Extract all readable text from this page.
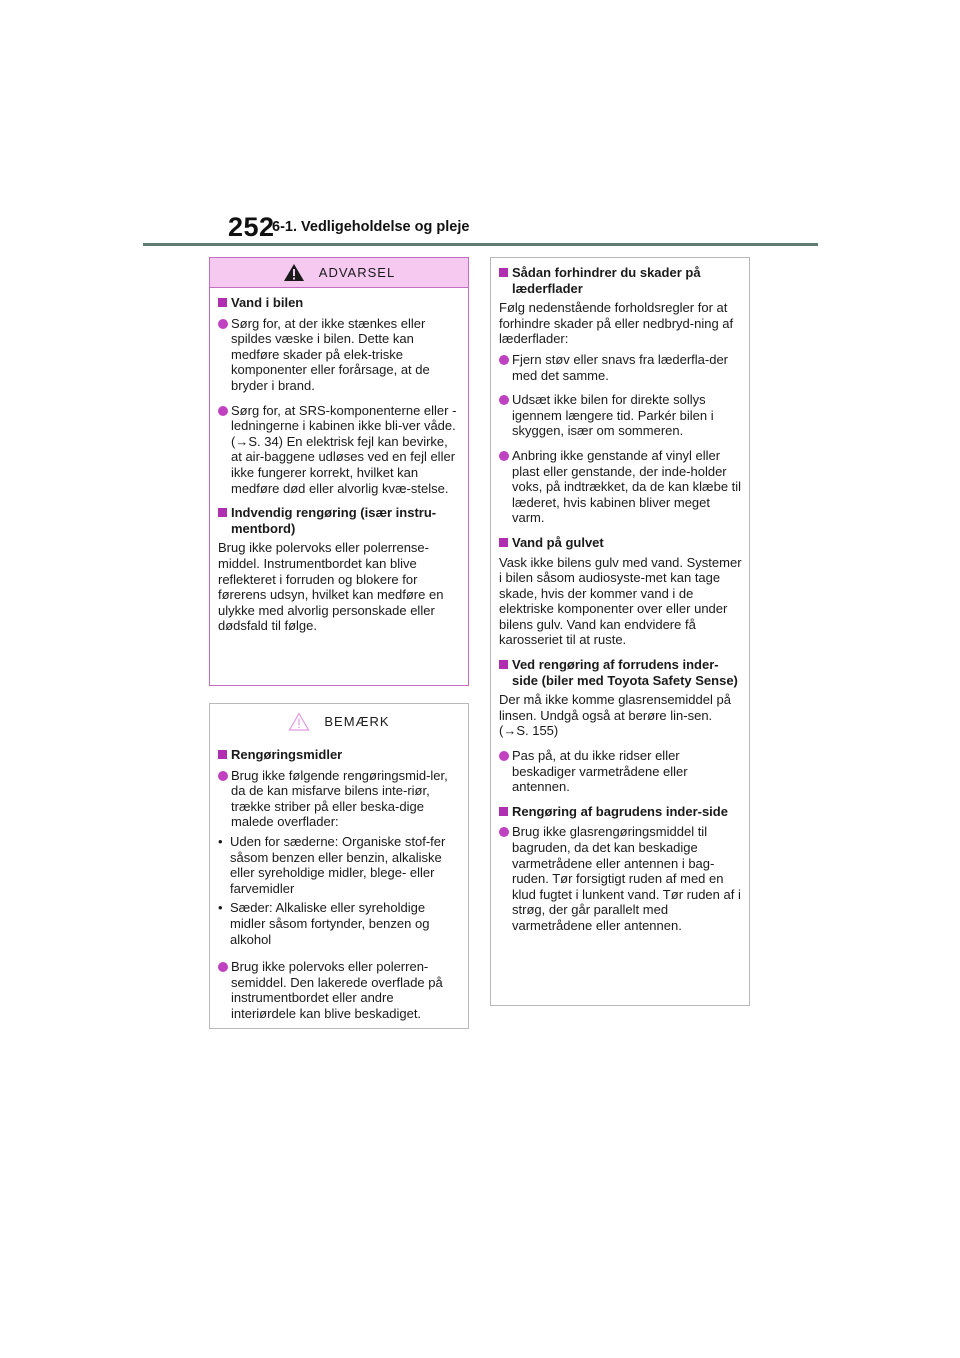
252
6-1. Vedligeholdelse og pleje
ADVARSEL
Vand i bilen
Sørg for, at der ikke stænkes eller spildes væske i bilen. Dette kan medføre skader på elek-triske komponenter eller forårsage, at de bryder i brand.
Sørg for, at SRS-komponenterne eller -ledningerne i kabinen ikke bli-ver våde. (→S. 34) En elektrisk fejl kan bevirke, at air-baggene udløses ved en fejl eller ikke fungerer korrekt, hvilket kan medføre død eller alvorlig kvæ-stelse.
Indvendig rengøring (især instru-mentbord)
Brug ikke polervoks eller polerrense-middel. Instrumentbordet kan blive reflekteret i forruden og blokere for førerens udsyn, hvilket kan medføre en ulykke med alvorlig personskade eller dødsfald til følge.
BEMÆRK
Rengøringsmidler
Brug ikke følgende rengøringsmid-ler, da de kan misfarve bilens inte-riør, trække striber på eller beska-dige malede overflader:
• Uden for sæderne: Organiske stof-fer såsom benzen eller benzin, alkaliske eller syreholdige midler, blege- eller farvemidler
• Sæder: Alkaliske eller syreholdige midler såsom fortynder, benzen og alkohol
Brug ikke polervoks eller polerren-semiddel. Den lakerede overflade på instrumentbordet eller andre interiørdele kan blive beskadiget.
Sådan forhindrer du skader på læderflader
Følg nedenstående forholdsregler for at forhindre skader på eller nedbryd-ning af læderflader:
Fjern støv eller snavs fra læderfla-der med det samme.
Udsæt ikke bilen for direkte sollys igennem længere tid. Parkér bilen i skyggen, især om sommeren.
Anbring ikke genstande af vinyl eller plast eller genstande, der inde-holder voks, på indtrækket, da de kan klæbe til læderet, hvis kabinen bliver meget varm.
Vand på gulvet
Vask ikke bilens gulv med vand. Systemer i bilen såsom audiosyste-met kan tage skade, hvis der kommer vand i de elektriske komponenter over eller under bilens gulv. Vand kan endvidere få karosseriet til at ruste.
Ved rengøring af forrudens inder-side (biler med Toyota Safety Sense)
Der må ikke komme glasrensemiddel på linsen. Undgå også at berøre lin-sen. (→S. 155)
Pas på, at du ikke ridser eller beskadiger varmetrådene eller antennen.
Rengøring af bagrudens inder-side
Brug ikke glasrengøringsmiddel til bagruden, da det kan beskadige varmetrådene eller antennen i bag-ruden. Tør forsigtigt ruden af med en klud fugtet i lunkent vand. Tør ruden af i strøg, der går parallelt med varmetrådene eller antennen.
